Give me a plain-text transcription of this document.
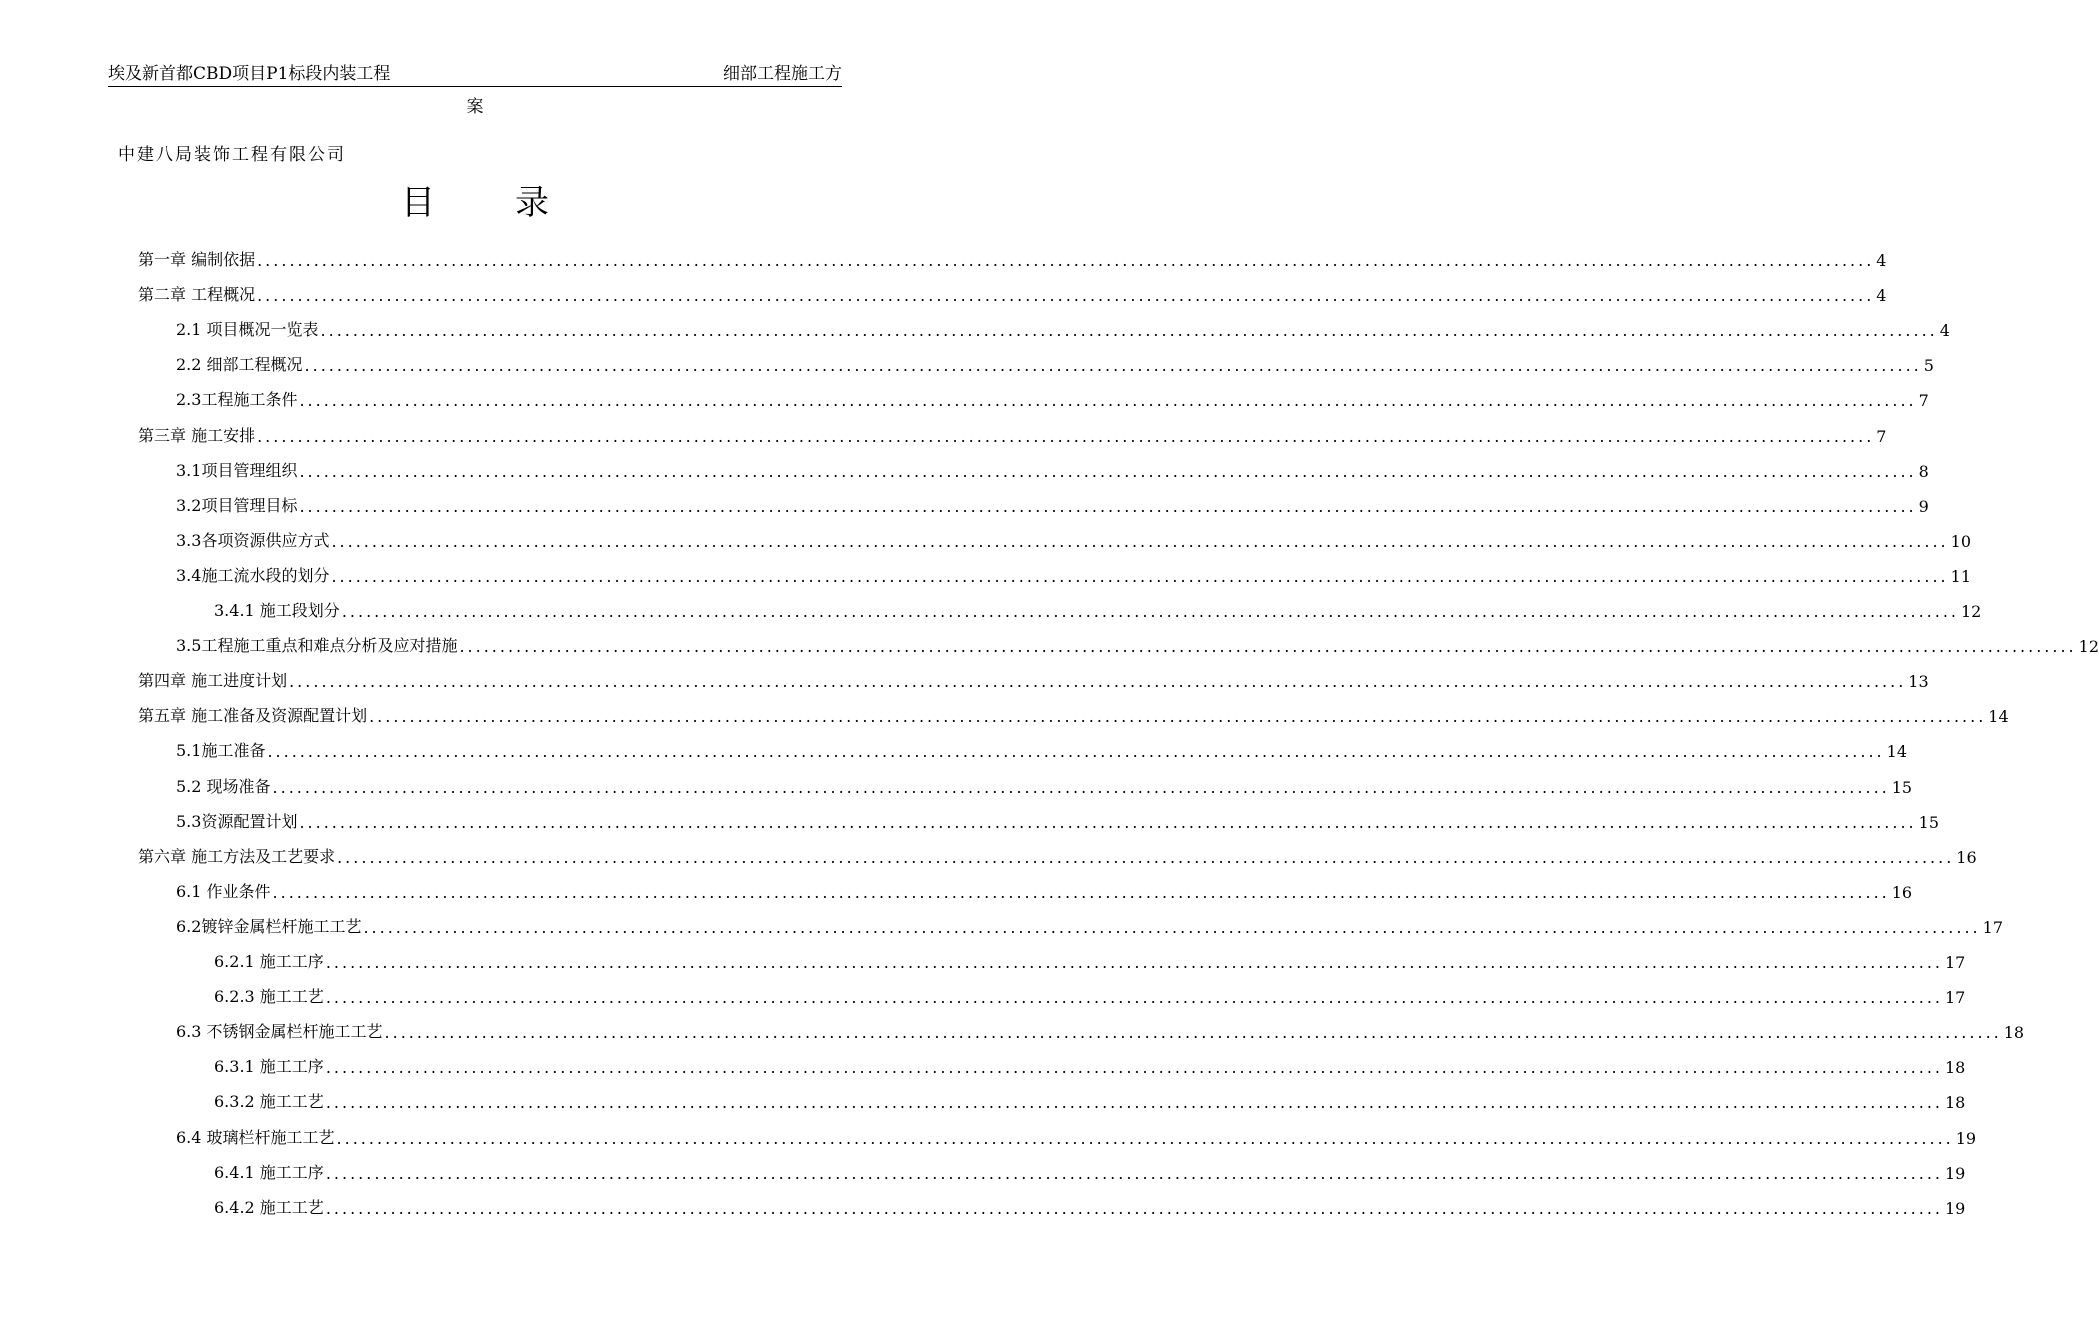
埃及新首都CBD项目P1标段内装工程	细部工程施工方
案
中建八局装饰工程有限公司
目录
第一章 编制依据 ........................................................................................................................................................................................................ 4
第二章 工程概况 ........................................................................................................................................................................................................ 4
2.1 项目概况一览表 ........................................................................................................................................................................................................ 4
2.2 细部工程概况 ........................................................................................................................................................................................................ 5
2.3工程施工条件 ........................................................................................................................................................................................................ 7
第三章 施工安排 ........................................................................................................................................................................................................ 7
3.1项目管理组织 ........................................................................................................................................................................................................ 8
3.2项目管理目标 ........................................................................................................................................................................................................ 9
3.3各项资源供应方式 ........................................................................................................................................................................................................ 10
3.4施工流水段的划分 ........................................................................................................................................................................................................ 11
3.4.1 施工段划分 ........................................................................................................................................................................................................ 12
3.5工程施工重点和难点分析及应对措施 ........................................................................................................................................................................................................ 12
第四章 施工进度计划 ........................................................................................................................................................................................................ 13
第五章 施工准备及资源配置计划 ........................................................................................................................................................................................................ 14
5.1施工准备 ........................................................................................................................................................................................................ 14
5.2 现场准备 ........................................................................................................................................................................................................ 15
5.3资源配置计划 ........................................................................................................................................................................................................ 15
第六章 施工方法及工艺要求 ........................................................................................................................................................................................................ 16
6.1 作业条件 ........................................................................................................................................................................................................ 16
6.2镀锌金属栏杆施工工艺 ........................................................................................................................................................................................................ 17
6.2.1 施工工序 ........................................................................................................................................................................................................ 17
6.2.3 施工工艺 ........................................................................................................................................................................................................ 17
6.3 不锈钢金属栏杆施工工艺 ........................................................................................................................................................................................................ 18
6.3.1 施工工序 ........................................................................................................................................................................................................ 18
6.3.2 施工工艺 ........................................................................................................................................................................................................ 18
6.4 玻璃栏杆施工工艺 ........................................................................................................................................................................................................ 19
6.4.1 施工工序 ........................................................................................................................................................................................................ 19
6.4.2 施工工艺 ........................................................................................................................................................................................................ 19
